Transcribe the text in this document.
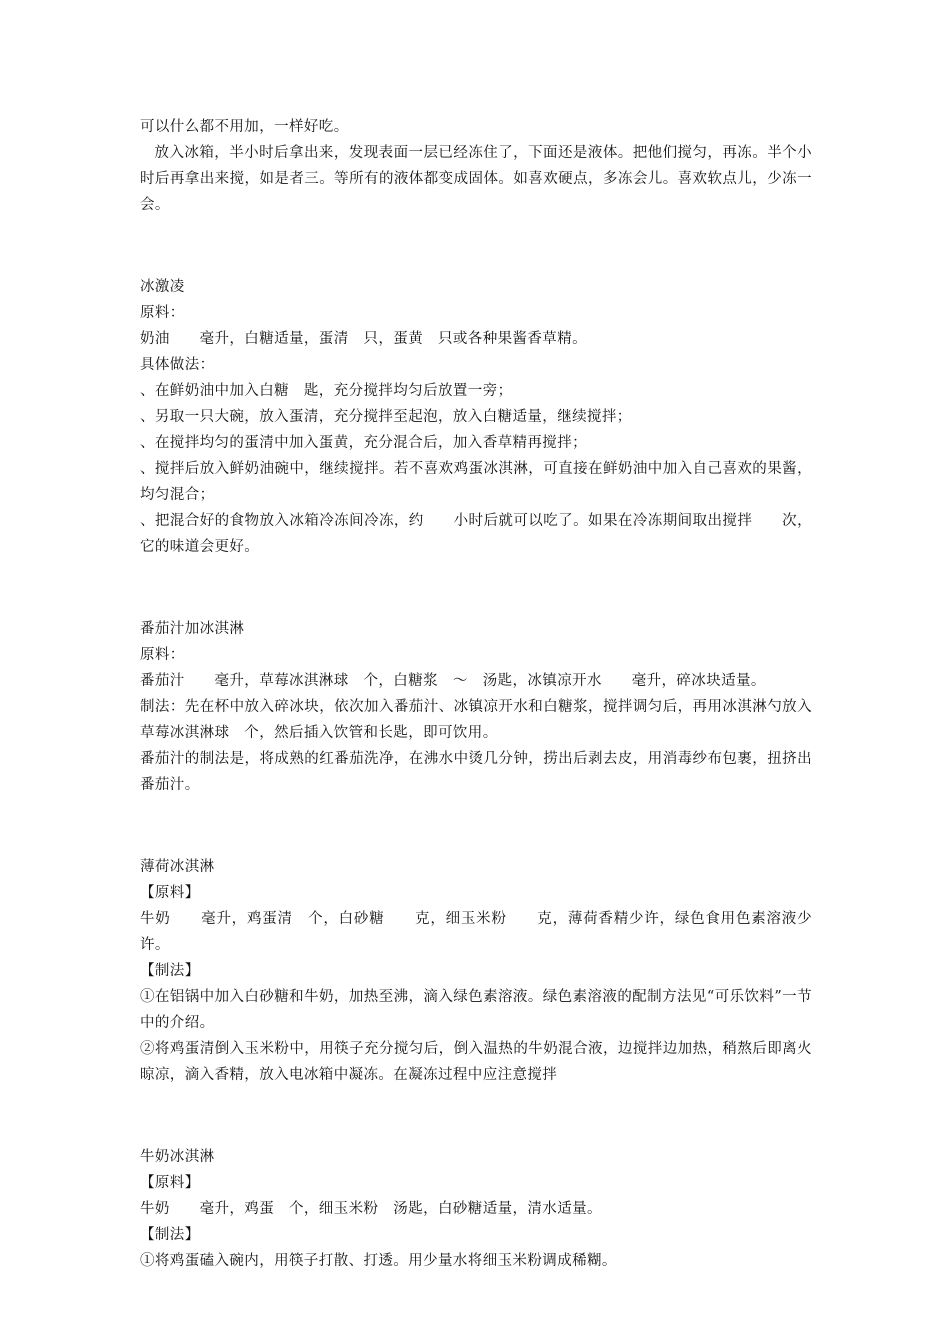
可以什么都不用加，一样好吃。

放入冰箱，半小时后拿出来，发现表面一层已经冻住了，下面还是液体。把他们搅匀，再冻。半个小时后再拿出来搅，如是者三。等所有的液体都变成固体。如喜欢硬点，多冻会儿。喜欢软点儿，少冻一会。

冰激凌

原料：

奶油　　毫升，白糖适量，蛋清　只，蛋黄　只或各种果酱香草精。

具体做法：

、在鲜奶油中加入白糖　匙，充分搅拌均匀后放置一旁；

、另取一只大碗，放入蛋清，充分搅拌至起泡，放入白糖适量，继续搅拌；

、在搅拌均匀的蛋清中加入蛋黄，充分混合后，加入香草精再搅拌；

、搅拌后放入鲜奶油碗中，继续搅拌。若不喜欢鸡蛋冰淇淋，可直接在鲜奶油中加入自己喜欢的果酱，均匀混合；

、把混合好的食物放入冰箱冷冻间冷冻，约　　小时后就可以吃了。如果在冷冻期间取出搅拌　　次，它的味道会更好。

番茄汁加冰淇淋

原料：

番茄汁　　毫升，草莓冰淇淋球　个，白糖浆　～　汤匙，冰镇凉开水　　毫升，碎冰块适量。

制法：先在杯中放入碎冰块，依次加入番茄汁、冰镇凉开水和白糖浆，搅拌调匀后，再用冰淇淋勺放入草莓冰淇淋球　个，然后插入饮管和长匙，即可饮用。

番茄汁的制法是，将成熟的红番茄洗净，在沸水中烫几分钟，捞出后剥去皮，用消毒纱布包裹，扭挤出番茄汁。

薄荷冰淇淋

【原料】

牛奶　　毫升，鸡蛋清　个，白砂糖　　克，细玉米粉　　克，薄荷香精少许，绿色食用色素溶液少许。

【制法】

①在铝锅中加入白砂糖和牛奶，加热至沸，滴入绿色素溶液。绿色素溶液的配制方法见“可乐饮料”一节中的介绍。

②将鸡蛋清倒入玉米粉中，用筷子充分搅匀后，倒入温热的牛奶混合液，边搅拌边加热，稍熬后即离火晾凉，滴入香精，放入电冰箱中凝冻。在凝冻过程中应注意搅拌

牛奶冰淇淋

【原料】

牛奶　　毫升，鸡蛋　个，细玉米粉　汤匙，白砂糖适量，清水适量。

【制法】

①将鸡蛋磕入碗内，用筷子打散、打透。用少量水将细玉米粉调成稀糊。
